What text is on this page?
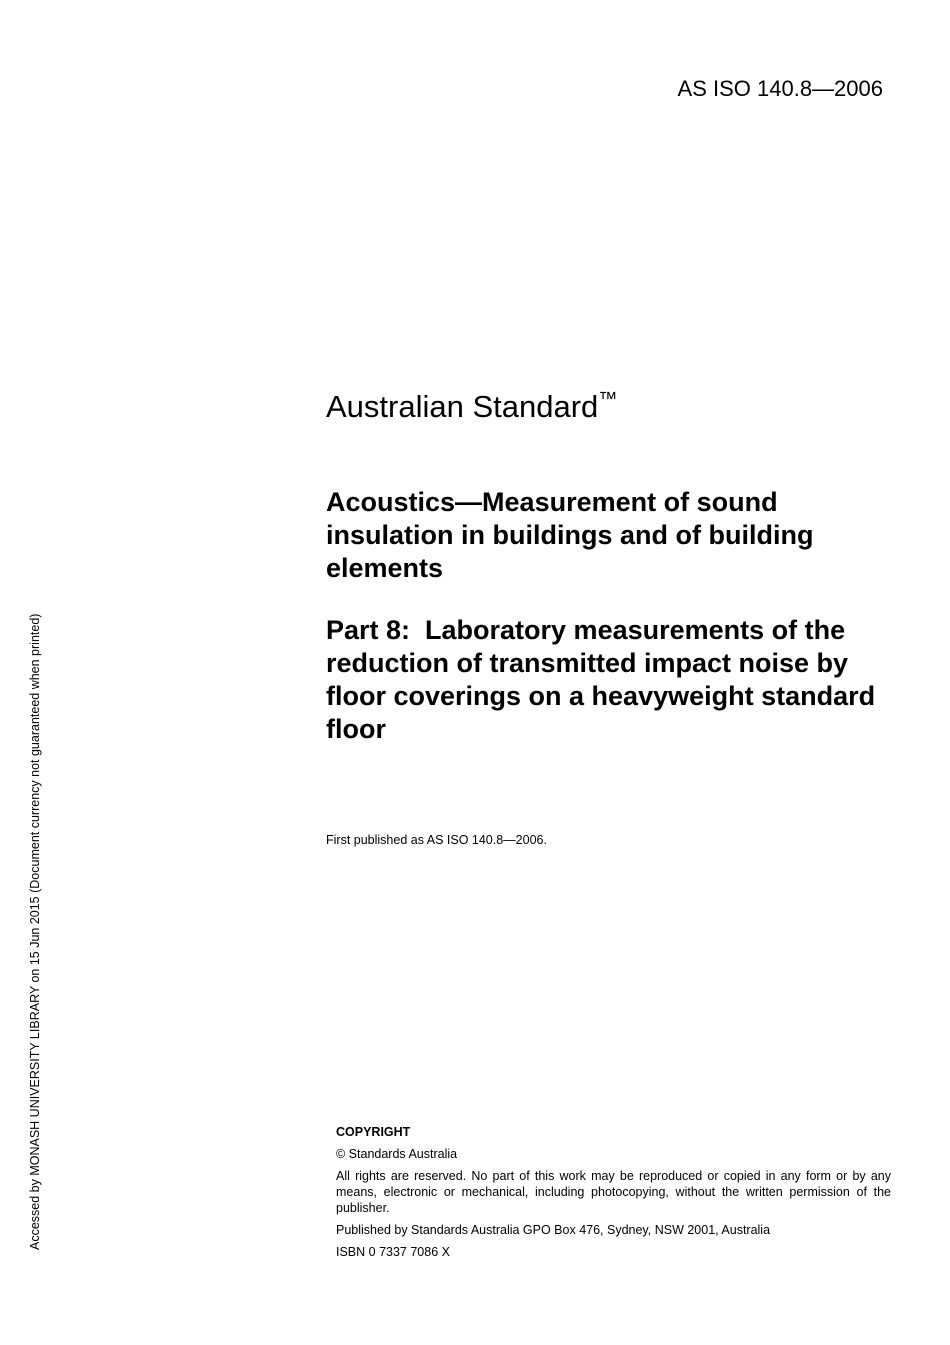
AS ISO 140.8—2006
Accessed by MONASH UNIVERSITY LIBRARY on 15 Jun 2015 (Document currency not guaranteed when printed)
Australian Standard™
Acoustics—Measurement of sound insulation in buildings and of building elements
Part 8:  Laboratory measurements of the reduction of transmitted impact noise by floor coverings on a heavyweight standard floor
First published as AS ISO 140.8—2006.

COPYRIGHT

© Standards Australia

All rights are reserved. No part of this work may be reproduced or copied in any form or by any means, electronic or mechanical, including photocopying, without the written permission of the publisher.

Published by Standards Australia GPO Box 476, Sydney, NSW 2001, Australia

ISBN 0 7337 7086 X
